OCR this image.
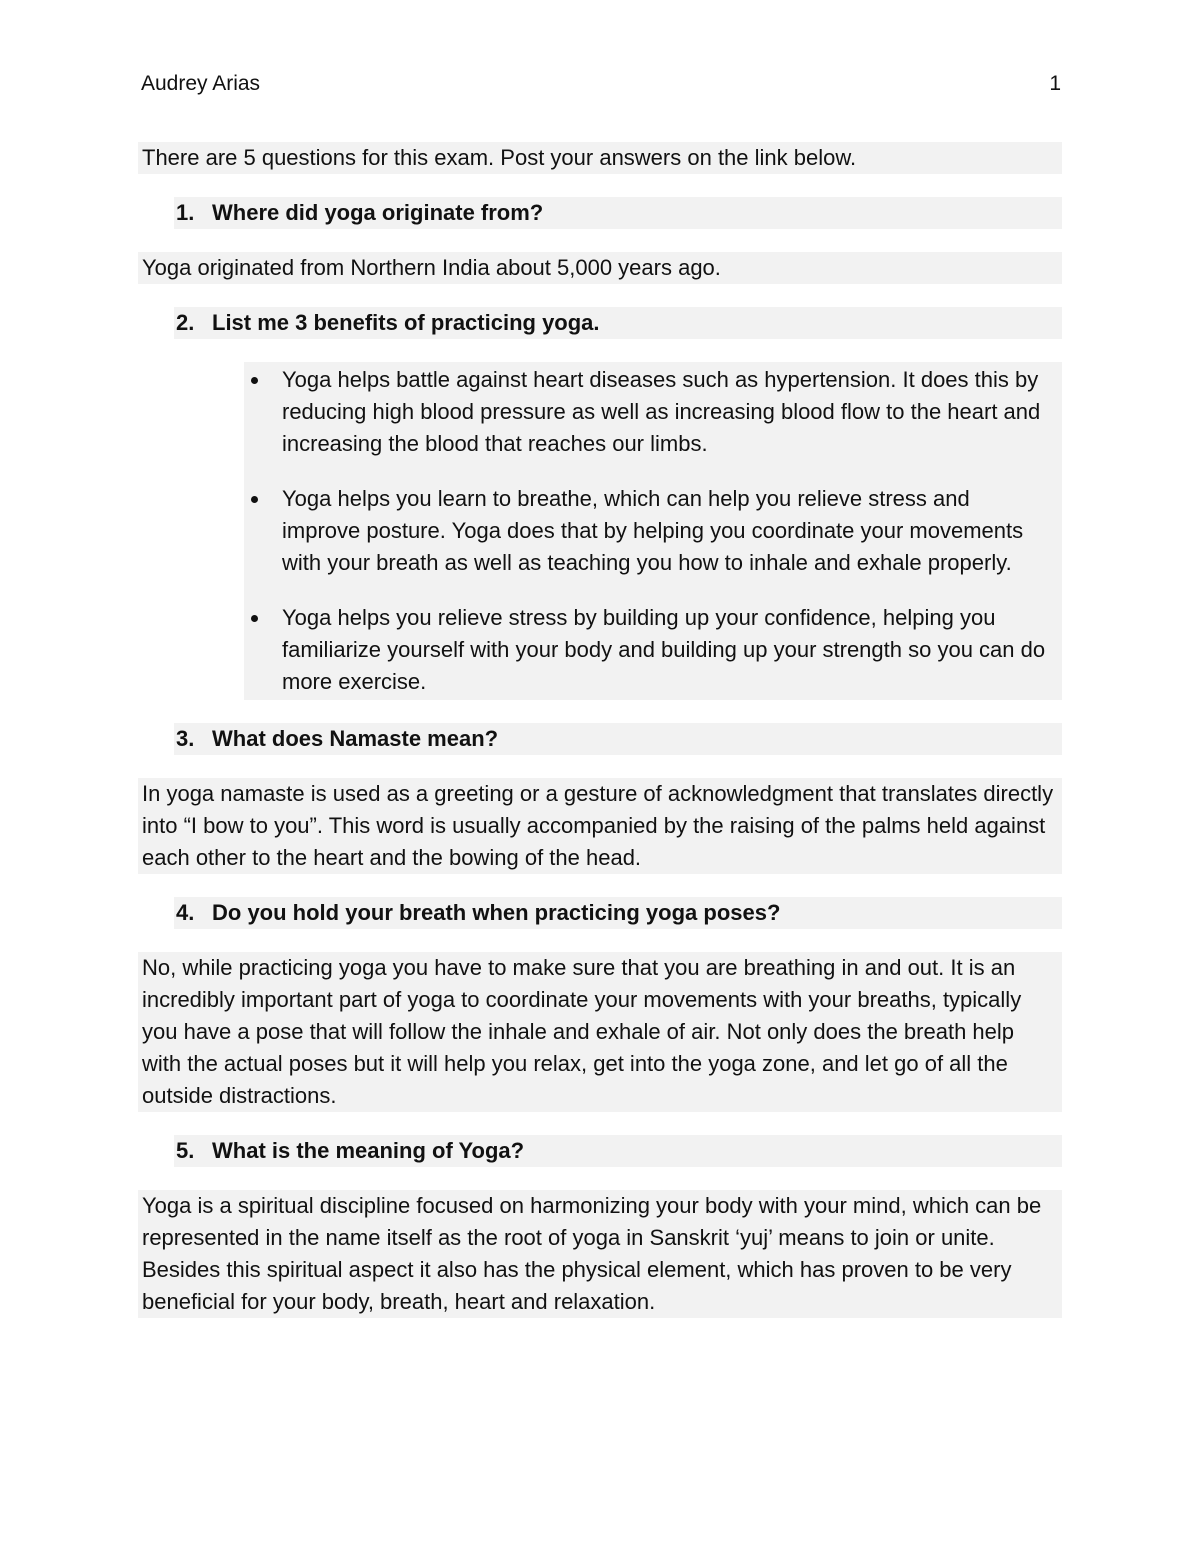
Audrey Arias	1
There are 5 questions for this exam. Post your answers on the link below.
1. Where did yoga originate from?
Yoga originated from Northern India about 5,000 years ago.
2. List me 3 benefits of practicing yoga.
Yoga helps battle against heart diseases such as hypertension. It does this by reducing high blood pressure as well as increasing blood flow to the heart and increasing the blood that reaches our limbs.
Yoga helps you learn to breathe, which can help you relieve stress and improve posture. Yoga does that by helping you coordinate your movements with your breath as well as teaching you how to inhale and exhale properly.
Yoga helps you relieve stress by building up your confidence, helping you familiarize yourself with your body and building up your strength so you can do more exercise.
3. What does Namaste mean?
In yoga namaste is used as a greeting or a gesture of acknowledgment that translates directly into “I bow to you”. This word is usually accompanied by the raising of the palms held against each other to the heart and the bowing of the head.
4. Do you hold your breath when practicing yoga poses?
No, while practicing yoga you have to make sure that you are breathing in and out. It is an incredibly important part of yoga to coordinate your movements with your breaths, typically you have a pose that will follow the inhale and exhale of air. Not only does the breath help with the actual poses but it will help you relax, get into the yoga zone, and let go of all the outside distractions.
5. What is the meaning of Yoga?
Yoga is a spiritual discipline focused on harmonizing your body with your mind, which can be represented in the name itself as the root of yoga in Sanskrit ‘yuj’ means to join or unite. Besides this spiritual aspect it also has the physical element, which has proven to be very beneficial for your body, breath, heart and relaxation.
